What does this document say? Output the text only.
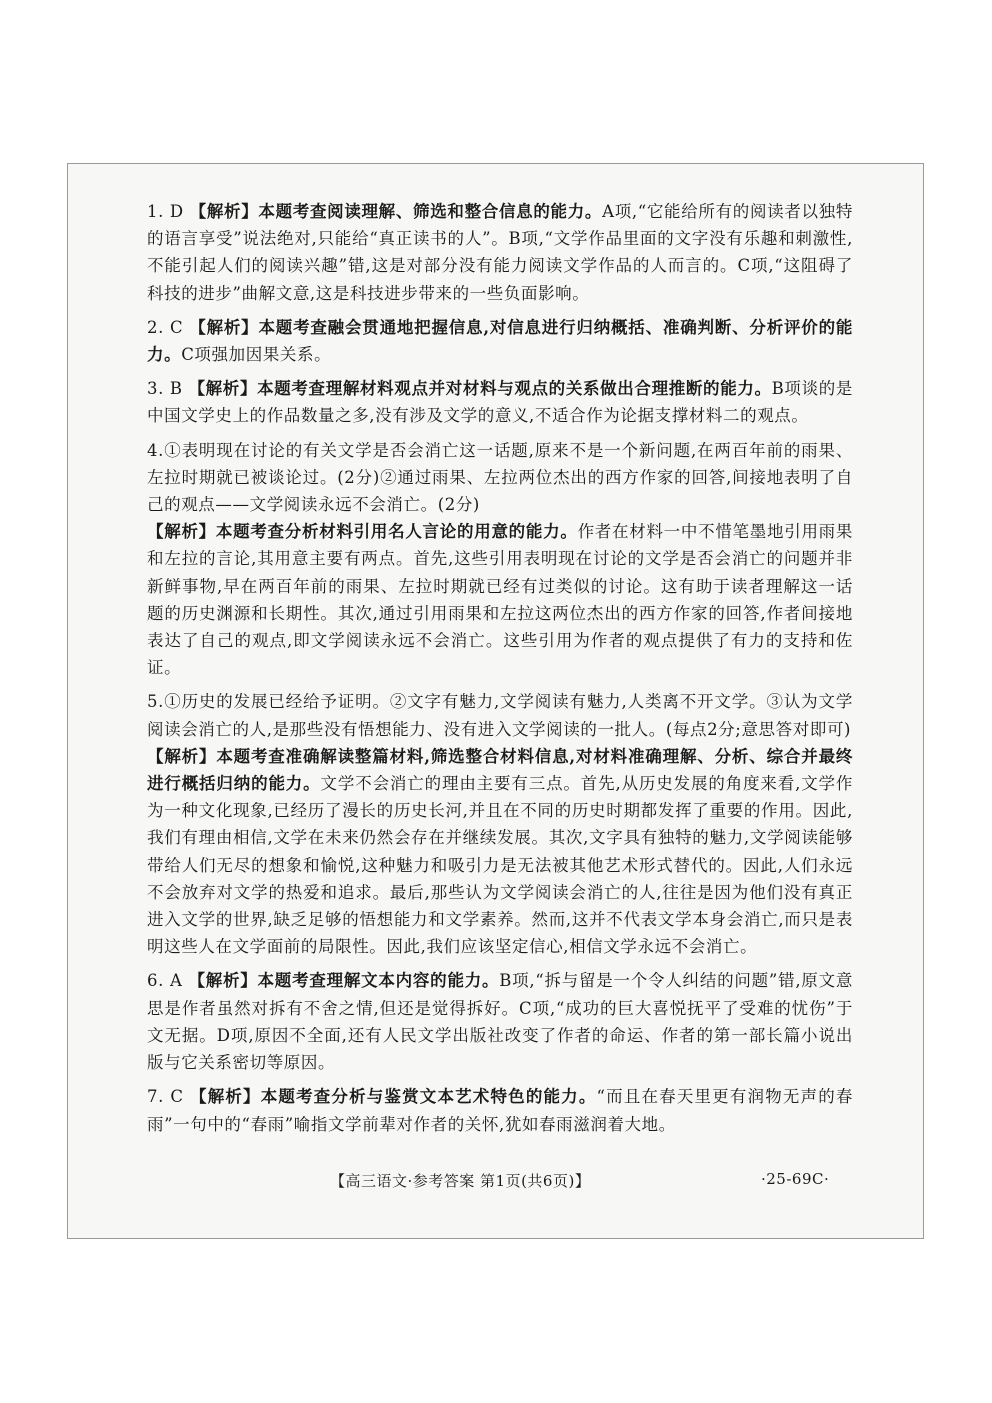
1. D 【解析】本题考查阅读理解、筛选和整合信息的能力。A项,“它能给所有的阅读者以独特的语言享受”说法绝对,只能给“真正读书的人”。B项,“文学作品里面的文字没有乐趣和刺激性,不能引起人们的阅读兴趣”错,这是对部分没有能力阅读文学作品的人而言的。C项,“这阻碍了科技的进步”曲解文意,这是科技进步带来的一些负面影响。
2. C 【解析】本题考查融会贯通地把握信息,对信息进行归纳概括、准确判断、分析评价的能力。C项强加因果关系。
3. B 【解析】本题考查理解材料观点并对材料与观点的关系做出合理推断的能力。B项谈的是中国文学史上的作品数量之多,没有涉及文学的意义,不适合作为论据支撑材料二的观点。
4.①表明现在讨论的有关文学是否会消亡这一话题,原来不是一个新问题,在两百年前的雨果、左拉时期就已被谈论过。(2分)②通过雨果、左拉两位杰出的西方作家的回答,间接地表明了自己的观点——文学阅读永远不会消亡。(2分)
【解析】本题考查分析材料引用名人言论的用意的能力。作者在材料一中不惜笔墨地引用雨果和左拉的言论,其用意主要有两点。首先,这些引用表明现在讨论的文学是否会消亡的问题并非新鲜事物,早在两百年前的雨果、左拉时期就已经有过类似的讨论。这有助于读者理解这一话题的历史渊源和长期性。其次,通过引用雨果和左拉这两位杰出的西方作家的回答,作者间接地表达了自己的观点,即文学阅读永远不会消亡。这些引用为作者的观点提供了有力的支持和佐证。
5.①历史的发展已经给予证明。②文字有魅力,文学阅读有魅力,人类离不开文学。③认为文学阅读会消亡的人,是那些没有悟想能力、没有进入文学阅读的一批人。(每点2分;意思答对即可)
【解析】本题考查准确解读整篇材料,筛选整合材料信息,对材料准确理解、分析、综合并最终进行概括归纳的能力。文学不会消亡的理由主要有三点。首先,从历史发展的角度来看,文学作为一种文化现象,已经历了漫长的历史长河,并且在不同的历史时期都发挥了重要的作用。因此,我们有理由相信,文学在未来仍然会存在并继续发展。其次,文字具有独特的魅力,文学阅读能够带给人们无尽的想象和愉悦,这种魅力和吸引力是无法被其他艺术形式替代的。因此,人们永远不会放弃对文学的热爱和追求。最后,那些认为文学阅读会消亡的人,往往是因为他们没有真正进入文学的世界,缺乏足够的悟想能力和文学素养。然而,这并不代表文学本身会消亡,而只是表明这些人在文学面前的局限性。因此,我们应该坚定信心,相信文学永远不会消亡。
6. A 【解析】本题考查理解文本内容的能力。B项,“拆与留是一个令人纠结的问题”错,原文意思是作者虽然对拆有不舍之情,但还是觉得拆好。C项,“成功的巨大喜悦抚平了受难的忧伤”于文无据。D项,原因不全面,还有人民文学出版社改变了作者的命运、作者的第一部长篇小说出版与它关系密切等原因。
7. C 【解析】本题考查分析与鉴赏文本艺术特色的能力。“而且在春天里更有润物无声的春雨”一句中的“春雨”喻指文学前辈对作者的关怀,犹如春雨滋润着大地。
【高三语文·参考答案 第1页(共6页)】	·25-69C·
